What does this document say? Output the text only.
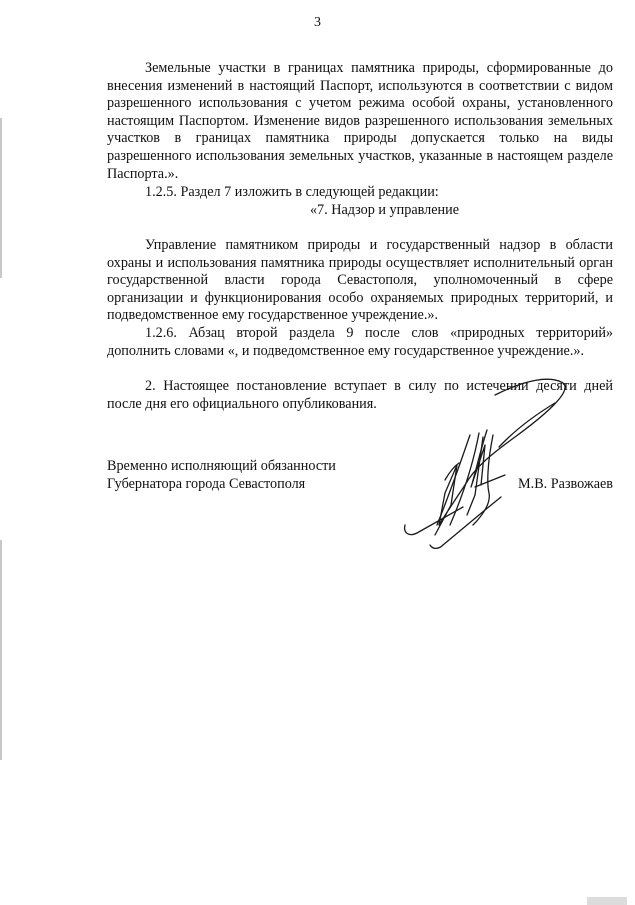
3

Земельные участки в границах памятника природы, сформированные до внесения изменений в настоящий Паспорт, используются в соответствии с видом разрешенного использования с учетом режима особой охраны, установленного настоящим Паспортом. Изменение видов разрешенного использования земельных участков в границах памятника природы допускается только на виды разрешенного использования земельных участков, указанные в настоящем разделе Паспорта.».

1.2.5. Раздел 7 изложить в следующей редакции:

«7. Надзор и управление

Управление памятником природы и государственный надзор в области охраны и использования памятника природы осуществляет исполнительный орган государственной власти города Севастополя, уполномоченный в сфере организации и функционирования особо охраняемых природных территорий, и подведомственное ему государственное учреждение.».

1.2.6. Абзац второй раздела 9 после слов «природных территорий» дополнить словами «, и подведомственное ему государственное учреждение.».

2. Настоящее постановление вступает в силу по истечении десяти дней после дня его официального опубликования.

Временно исполняющий обязанности
Губернатора города Севастополя	М.В. Развожаев
